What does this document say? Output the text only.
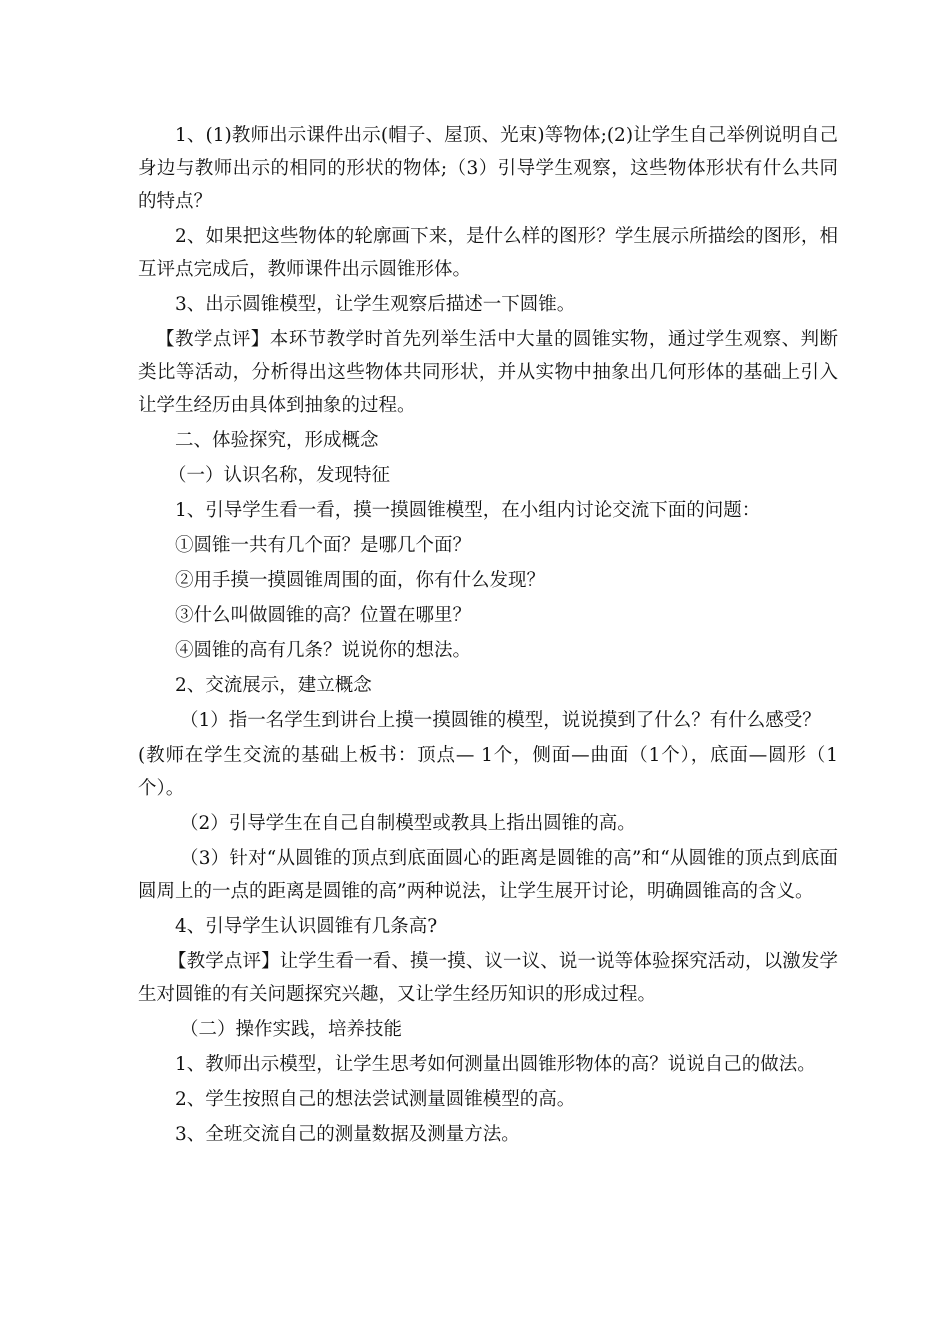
1、(1)教师出示课件出示(帽子、屋顶、光束)等物体;(2)让学生自己举例说明自己身边与教师出示的相同的形状的物体;（3）引导学生观察，这些物体形状有什么共同的特点？

2、如果把这些物体的轮廓画下来，是什么样的图形？学生展示所描绘的图形，相互评点完成后，教师课件出示圆锥形体。

3、出示圆锥模型，让学生观察后描述一下圆锥。

【教学点评】本环节教学时首先列举生活中大量的圆锥实物，通过学生观察、判断类比等活动，分析得出这些物体共同形状，并从实物中抽象出几何形体的基础上引入让学生经历由具体到抽象的过程。

二、体验探究，形成概念

（一）认识名称，发现特征

1、引导学生看一看，摸一摸圆锥模型，在小组内讨论交流下面的问题：

①圆锥一共有几个面？是哪几个面？

②用手摸一摸圆锥周围的面，你有什么发现？

③什么叫做圆锥的高？位置在哪里？

④圆锥的高有几条？说说你的想法。

2、交流展示，建立概念

（1）指一名学生到讲台上摸一摸圆锥的模型，说说摸到了什么？有什么感受？

(教师在学生交流的基础上板书：顶点— 1个，侧面—曲面（1个），底面—圆形（1个）。

（2）引导学生在自己自制模型或教具上指出圆锥的高。

（3）针对“从圆锥的顶点到底面圆心的距离是圆锥的高”和“从圆锥的顶点到底面圆周上的一点的距离是圆锥的高”两种说法，让学生展开讨论，明确圆锥高的含义。

4、引导学生认识圆锥有几条高?

【教学点评】让学生看一看、摸一摸、议一议、说一说等体验探究活动，以激发学生对圆锥的有关问题探究兴趣，又让学生经历知识的形成过程。

（二）操作实践，培养技能

1、教师出示模型，让学生思考如何测量出圆锥形物体的高？说说自己的做法。

2、学生按照自己的想法尝试测量圆锥模型的高。

3、全班交流自己的测量数据及测量方法。
